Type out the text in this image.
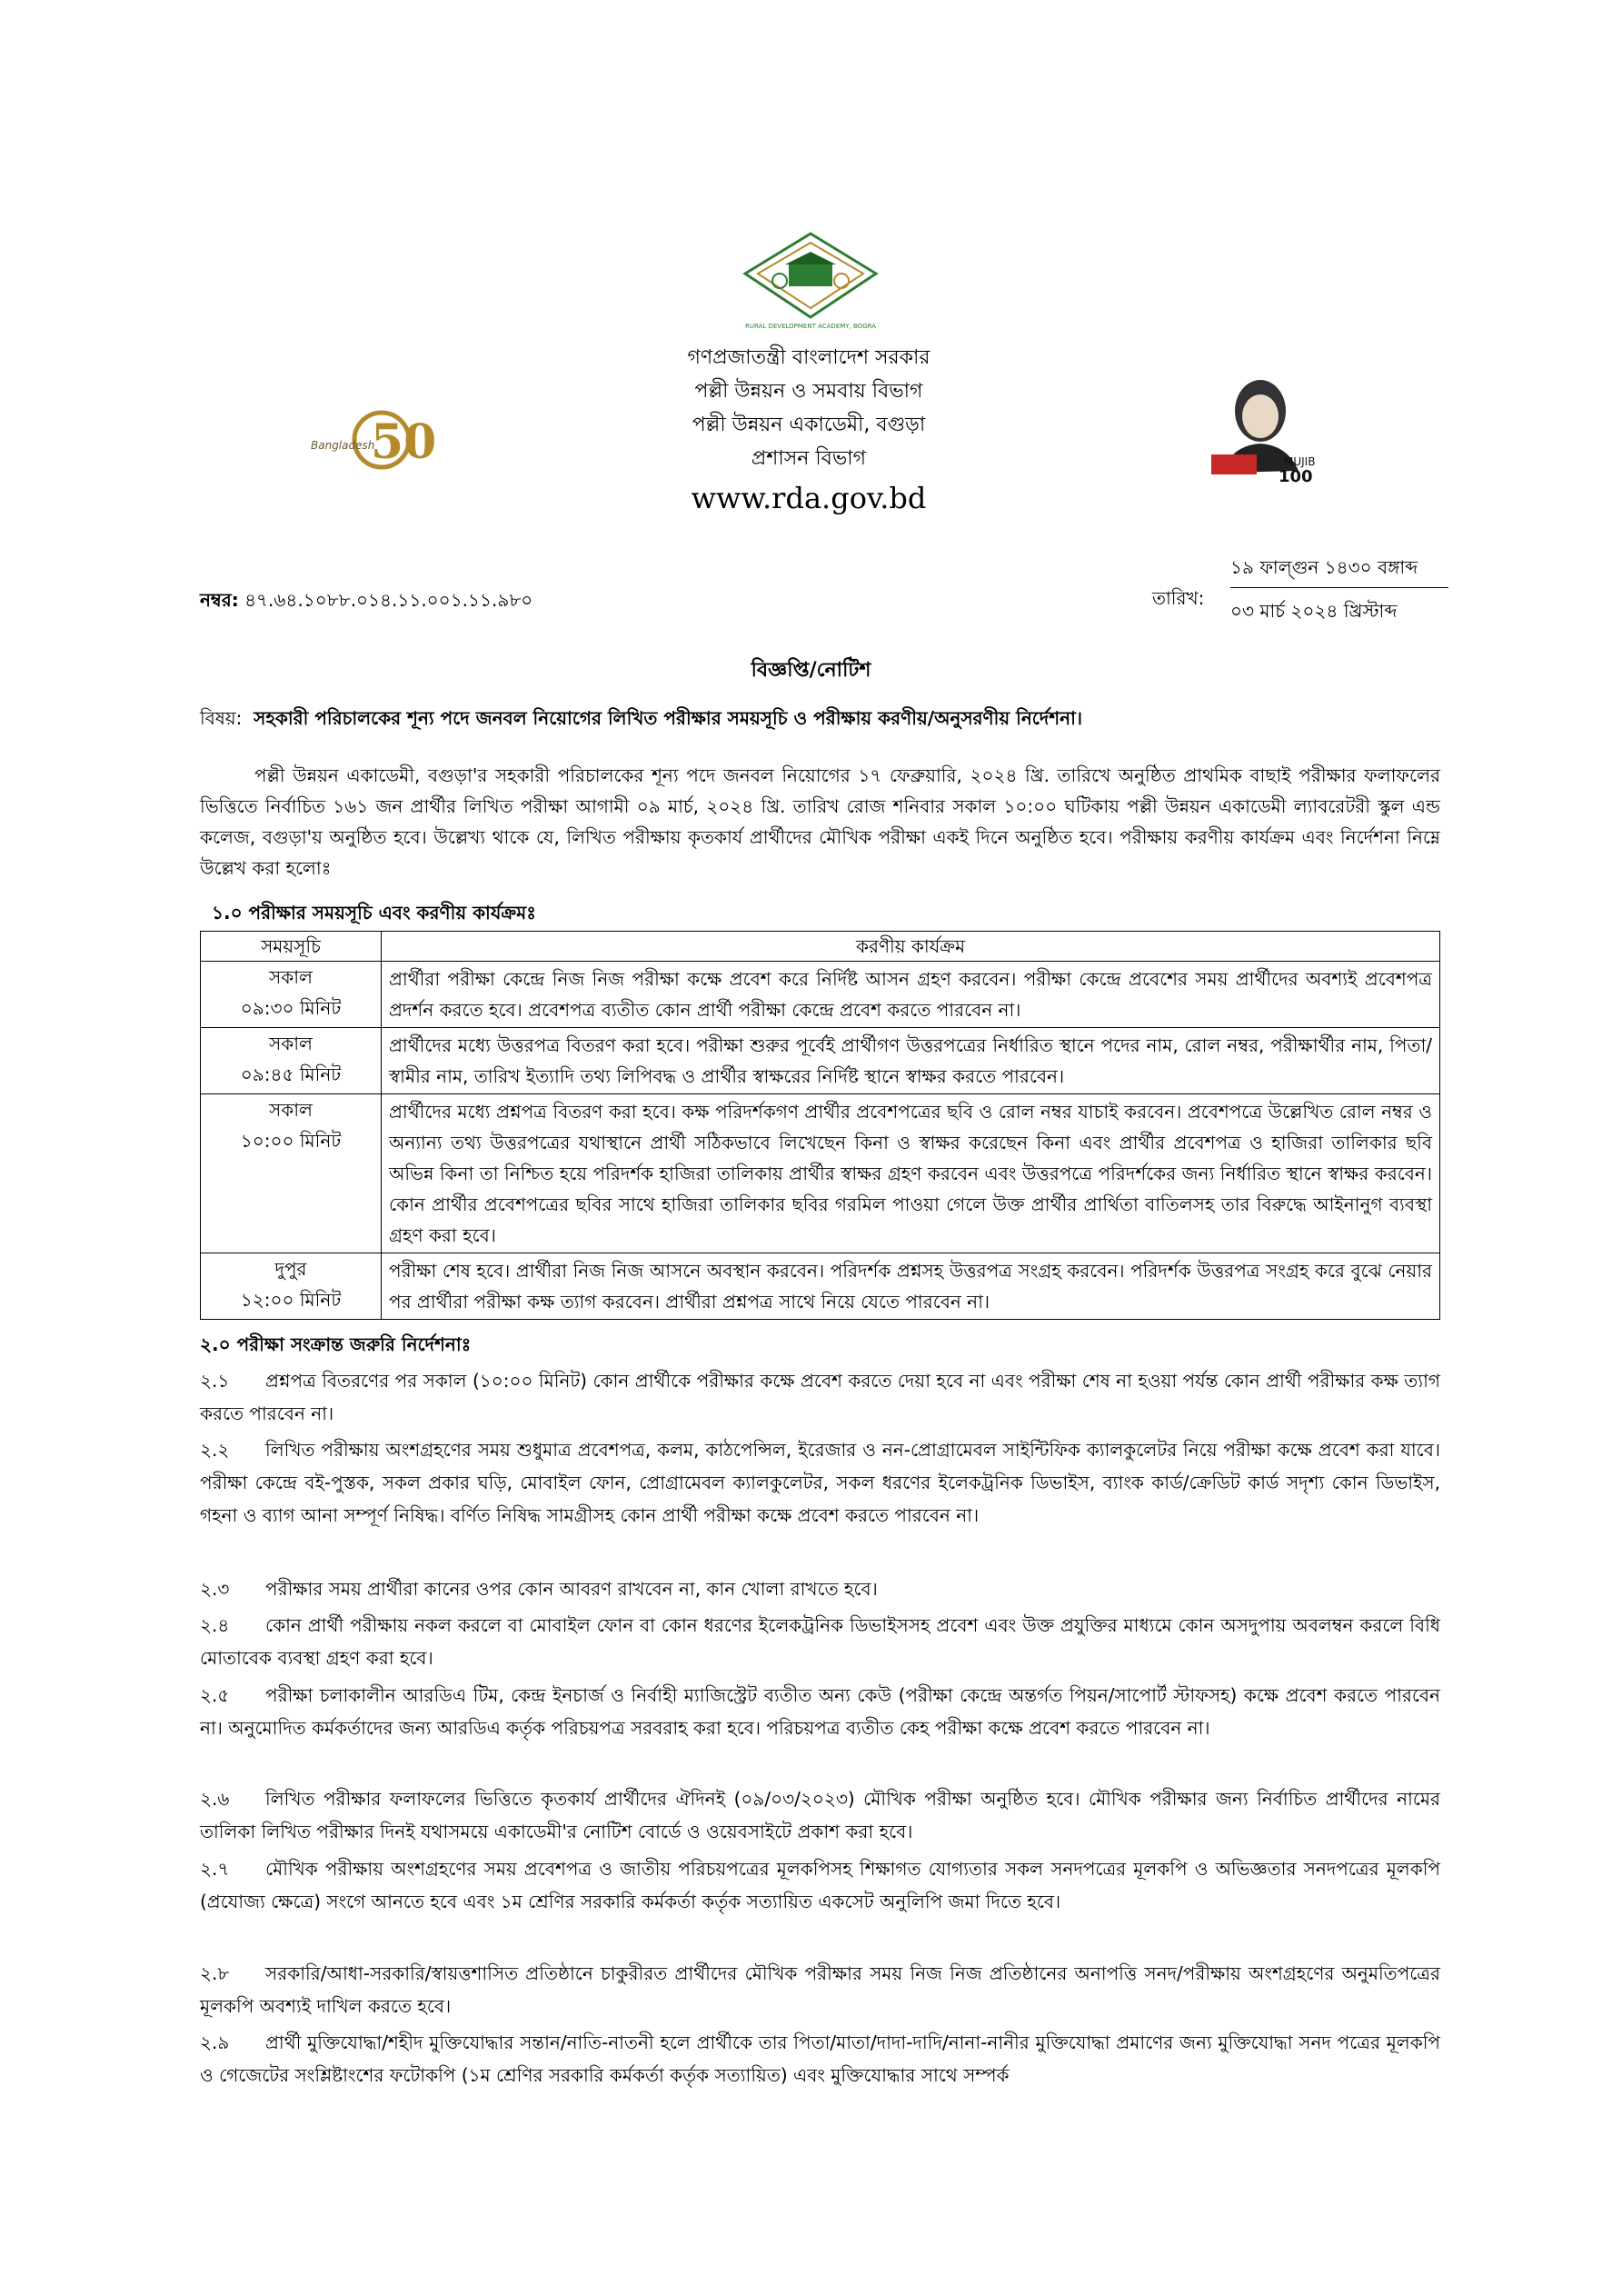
RURAL DEVELOPMENT ACADEMY, BOGRA
50
Bangladesh
MUJIB
100
গণপ্রজাতন্ত্রী বাংলাদেশ সরকার
পল্লী উন্নয়ন ও সমবায় বিভাগ
পল্লী উন্নয়ন একাডেমী, বগুড়া
প্রশাসন বিভাগ
www.rda.gov.bd
নম্বর: ৪৭.৬৪.১০৮৮.০১৪.১১.০০১.১১.৯৮০	তারিখ:
১৯ ফাল্গুন ১৪৩০ বঙ্গাব্দ
০৩ মার্চ ২০২৪ খ্রিস্টাব্দ
বিজ্ঞপ্তি/নোটিশ
বিষয়: সহকারী পরিচালকের শূন্য পদে জনবল নিয়োগের লিখিত পরীক্ষার সময়সূচি ও পরীক্ষায় করণীয়/অনুসরণীয় নির্দেশনা।

পল্লী উন্নয়ন একাডেমী, বগুড়া'র সহকারী পরিচালকের শূন্য পদে জনবল নিয়োগের ১৭ ফেব্রুয়ারি, ২০২৪ খ্রি. তারিখে অনুষ্ঠিত প্রাথমিক বাছাই পরীক্ষার ফলাফলের ভিত্তিতে নির্বাচিত ১৬১ জন প্রার্থীর লিখিত পরীক্ষা আগামী ০৯ মার্চ, ২০২৪ খ্রি. তারিখ রোজ শনিবার সকাল ১০:০০ ঘটিকায় পল্লী উন্নয়ন একাডেমী ল্যাবরেটরী স্কুল এন্ড কলেজ, বগুড়া'য় অনুষ্ঠিত হবে। উল্লেখ্য থাকে যে, লিখিত পরীক্ষায় কৃতকার্য প্রার্থীদের মৌখিক পরীক্ষা একই দিনে অনুষ্ঠিত হবে। পরীক্ষায় করণীয় কার্যক্রম এবং নির্দেশনা নিম্নে উল্লেখ করা হলোঃ

১.০ পরীক্ষার সময়সূচি এবং করণীয় কার্যক্রমঃ
সময়সূচি	করণীয় কার্যক্রম

সকাল
০৯:৩০ মিনিট	প্রার্থীরা পরীক্ষা কেন্দ্রে নিজ নিজ পরীক্ষা কক্ষে প্রবেশ করে নির্দিষ্ট আসন গ্রহণ করবেন। পরীক্ষা কেন্দ্রে প্রবেশের সময় প্রার্থীদের অবশ্যই প্রবেশপত্র প্রদর্শন করতে হবে। প্রবেশপত্র ব্যতীত কোন প্রার্থী পরীক্ষা কেন্দ্রে প্রবেশ করতে পারবেন না।

সকাল
০৯:৪৫ মিনিট	প্রার্থীদের মধ্যে উত্তরপত্র বিতরণ করা হবে। পরীক্ষা শুরুর পূর্বেই প্রার্থীগণ উত্তরপত্রের নির্ধারিত স্থানে পদের নাম, রোল নম্বর, পরীক্ষার্থীর নাম, পিতা/স্বামীর নাম, তারিখ ইত্যাদি তথ্য লিপিবদ্ধ ও প্রার্থীর স্বাক্ষরের নির্দিষ্ট স্থানে স্বাক্ষর করতে পারবেন।

সকাল
১০:০০ মিনিট	প্রার্থীদের মধ্যে প্রশ্নপত্র বিতরণ করা হবে। কক্ষ পরিদর্শকগণ প্রার্থীর প্রবেশপত্রের ছবি ও রোল নম্বর যাচাই করবেন। প্রবেশপত্রে উল্লেখিত রোল নম্বর ও অন্যান্য তথ্য উত্তরপত্রের যথাস্থানে প্রার্থী সঠিকভাবে লিখেছেন কিনা ও স্বাক্ষর করেছেন কিনা এবং প্রার্থীর প্রবেশপত্র ও হাজিরা তালিকার ছবি অভিন্ন কিনা তা নিশ্চিত হয়ে পরিদর্শক হাজিরা তালিকায় প্রার্থীর স্বাক্ষর গ্রহণ করবেন এবং উত্তরপত্রে পরিদর্শকের জন্য নির্ধারিত স্থানে স্বাক্ষর করবেন। কোন প্রার্থীর প্রবেশপত্রের ছবির সাথে হাজিরা তালিকার ছবির গরমিল পাওয়া গেলে উক্ত প্রার্থীর প্রার্থিতা বাতিলসহ তার বিরুদ্ধে আইনানুগ ব্যবস্থা গ্রহণ করা হবে।

দুপুর
১২:০০ মিনিট	পরীক্ষা শেষ হবে। প্রার্থীরা নিজ নিজ আসনে অবস্থান করবেন। পরিদর্শক প্রশ্নসহ উত্তরপত্র সংগ্রহ করবেন। পরিদর্শক উত্তরপত্র সংগ্রহ করে বুঝে নেয়ার পর প্রার্থীরা পরীক্ষা কক্ষ ত্যাগ করবেন। প্রার্থীরা প্রশ্নপত্র সাথে নিয়ে যেতে পারবেন না।
২.০ পরীক্ষা সংক্রান্ত জরুরি নির্দেশনাঃ

২.১ প্রশ্নপত্র বিতরণের পর সকাল (১০:০০ মিনিট) কোন প্রার্থীকে পরীক্ষার কক্ষে প্রবেশ করতে দেয়া হবে না এবং পরীক্ষা শেষ না হওয়া পর্যন্ত কোন প্রার্থী পরীক্ষার কক্ষ ত্যাগ করতে পারবেন না।

২.২ লিখিত পরীক্ষায় অংশগ্রহণের সময় শুধুমাত্র প্রবেশপত্র, কলম, কাঠপেন্সিল, ইরেজার ও নন-প্রোগ্রামেবল সাইন্টিফিক ক্যালকুলেটর নিয়ে পরীক্ষা কক্ষে প্রবেশ করা যাবে। পরীক্ষা কেন্দ্রে বই-পুস্তক, সকল প্রকার ঘড়ি, মোবাইল ফোন, প্রোগ্রামেবল ক্যালকুলেটর, সকল ধরণের ইলেকট্রনিক ডিভাইস, ব্যাংক কার্ড/ক্রেডিট কার্ড সদৃশ্য কোন ডিভাইস, গহনা ও ব্যাগ আনা সম্পূর্ণ নিষিদ্ধ। বর্ণিত নিষিদ্ধ সামগ্রীসহ কোন প্রার্থী পরীক্ষা কক্ষে প্রবেশ করতে পারবেন না।

২.৩ পরীক্ষার সময় প্রার্থীরা কানের ওপর কোন আবরণ রাখবেন না, কান খোলা রাখতে হবে।

২.৪ কোন প্রার্থী পরীক্ষায় নকল করলে বা মোবাইল ফোন বা কোন ধরণের ইলেকট্রনিক ডিভাইসসহ প্রবেশ এবং উক্ত প্রযুক্তির মাধ্যমে কোন অসদুপায় অবলম্বন করলে বিধি মোতাবেক ব্যবস্থা গ্রহণ করা হবে।

২.৫ পরীক্ষা চলাকালীন আরডিএ টিম, কেন্দ্র ইনচার্জ ও নির্বাহী ম্যাজিস্ট্রেট ব্যতীত অন্য কেউ (পরীক্ষা কেন্দ্রে অন্তর্গত পিয়ন/সাপোর্ট স্টাফসহ) কক্ষে প্রবেশ করতে পারবেন না। অনুমোদিত কর্মকর্তাদের জন্য আরডিএ কর্তৃক পরিচয়পত্র সরবরাহ করা হবে। পরিচয়পত্র ব্যতীত কেহ পরীক্ষা কক্ষে প্রবেশ করতে পারবেন না।

২.৬ লিখিত পরীক্ষার ফলাফলের ভিত্তিতে কৃতকার্য প্রার্থীদের ঐদিনই (০৯/০৩/২০২৩) মৌখিক পরীক্ষা অনুষ্ঠিত হবে। মৌখিক পরীক্ষার জন্য নির্বাচিত প্রার্থীদের নামের তালিকা লিখিত পরীক্ষার দিনই যথাসময়ে একাডেমী'র নোটিশ বোর্ডে ও ওয়েবসাইটে প্রকাশ করা হবে।

২.৭ মৌখিক পরীক্ষায় অংশগ্রহণের সময় প্রবেশপত্র ও জাতীয় পরিচয়পত্রের মূলকপিসহ শিক্ষাগত যোগ্যতার সকল সনদপত্রের মূলকপি ও অভিজ্ঞতার সনদপত্রের মূলকপি (প্রযোজ্য ক্ষেত্রে) সংগে আনতে হবে এবং ১ম শ্রেণির সরকারি কর্মকর্তা কর্তৃক সত্যায়িত একসেট অনুলিপি জমা দিতে হবে।

২.৮ সরকারি/আধা-সরকারি/স্বায়ত্তশাসিত প্রতিষ্ঠানে চাকুরীরত প্রার্থীদের মৌখিক পরীক্ষার সময় নিজ নিজ প্রতিষ্ঠানের অনাপত্তি সনদ/পরীক্ষায় অংশগ্রহণের অনুমতিপত্রের মূলকপি অবশ্যই দাখিল করতে হবে।

২.৯ প্রার্থী মুক্তিযোদ্ধা/শহীদ মুক্তিযোদ্ধার সন্তান/নাতি-নাতনী হলে প্রার্থীকে তার পিতা/মাতা/দাদা-দাদি/নানা-নানীর মুক্তিযোদ্ধা প্রমাণের জন্য মুক্তিযোদ্ধা সনদ পত্রের মূলকপি ও গেজেটের সংশ্লিষ্টাংশের ফটোকপি (১ম শ্রেণির সরকারি কর্মকর্তা কর্তৃক সত্যায়িত) এবং মুক্তিযোদ্ধার সাথে সম্পর্ক
